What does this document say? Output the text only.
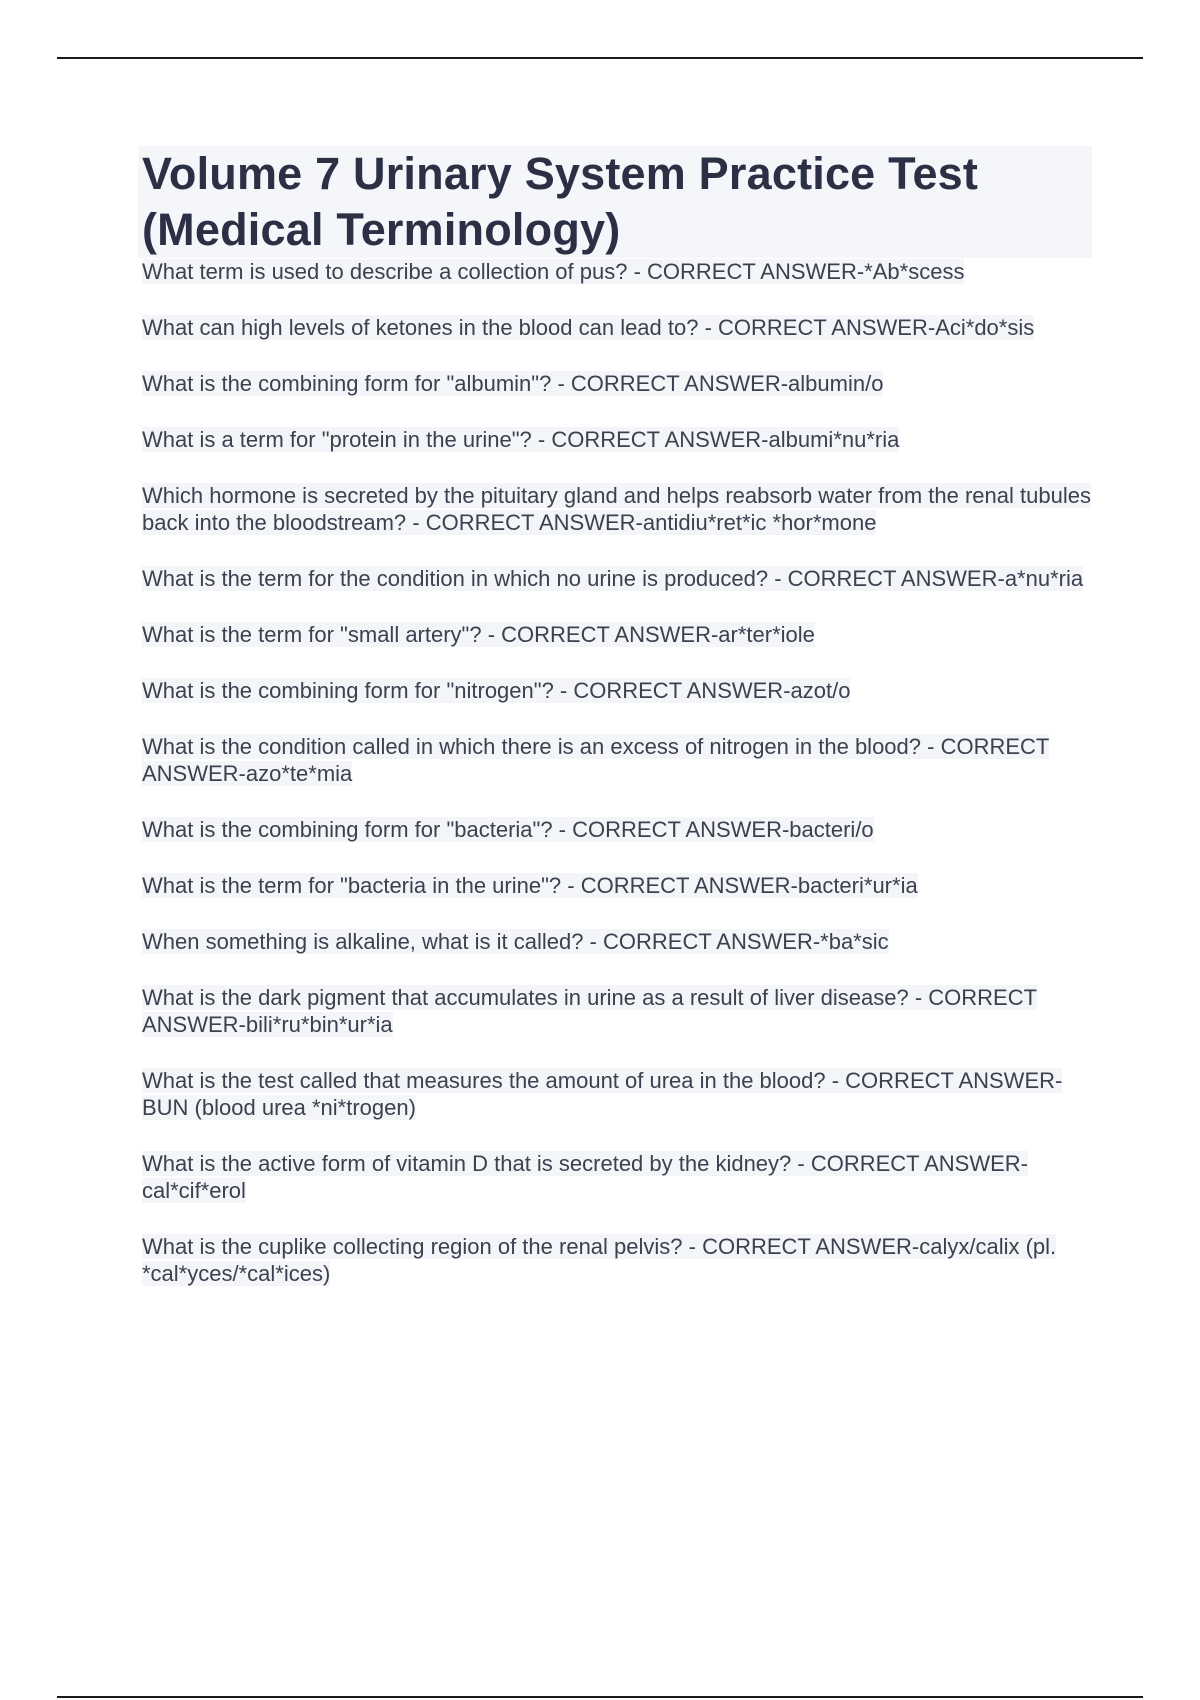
Volume 7 Urinary System Practice Test (Medical Terminology)
What term is used to describe a collection of pus? - CORRECT ANSWER-*Ab*scess
What can high levels of ketones in the blood can lead to? - CORRECT ANSWER-Aci*do*sis
What is the combining form for "albumin"? - CORRECT ANSWER-albumin/o
What is a term for "protein in the urine"? - CORRECT ANSWER-albumi*nu*ria
Which hormone is secreted by the pituitary gland and helps reabsorb water from the renal tubules back into the bloodstream? - CORRECT ANSWER-antidiu*ret*ic *hor*mone
What is the term for the condition in which no urine is produced? - CORRECT ANSWER-a*nu*ria
What is the term for "small artery"? - CORRECT ANSWER-ar*ter*iole
What is the combining form for "nitrogen"? - CORRECT ANSWER-azot/o
What is the condition called in which there is an excess of nitrogen in the blood? - CORRECT ANSWER-azo*te*mia
What is the combining form for "bacteria"? - CORRECT ANSWER-bacteri/o
What is the term for "bacteria in the urine"? - CORRECT ANSWER-bacteri*ur*ia
When something is alkaline, what is it called? - CORRECT ANSWER-*ba*sic
What is the dark pigment that accumulates in urine as a result of liver disease? - CORRECT ANSWER-bili*ru*bin*ur*ia
What is the test called that measures the amount of urea in the blood? - CORRECT ANSWER-BUN (blood urea *ni*trogen)
What is the active form of vitamin D that is secreted by the kidney? - CORRECT ANSWER-cal*cif*erol
What is the cuplike collecting region of the renal pelvis? - CORRECT ANSWER-calyx/calix (pl. *cal*yces/*cal*ices)
